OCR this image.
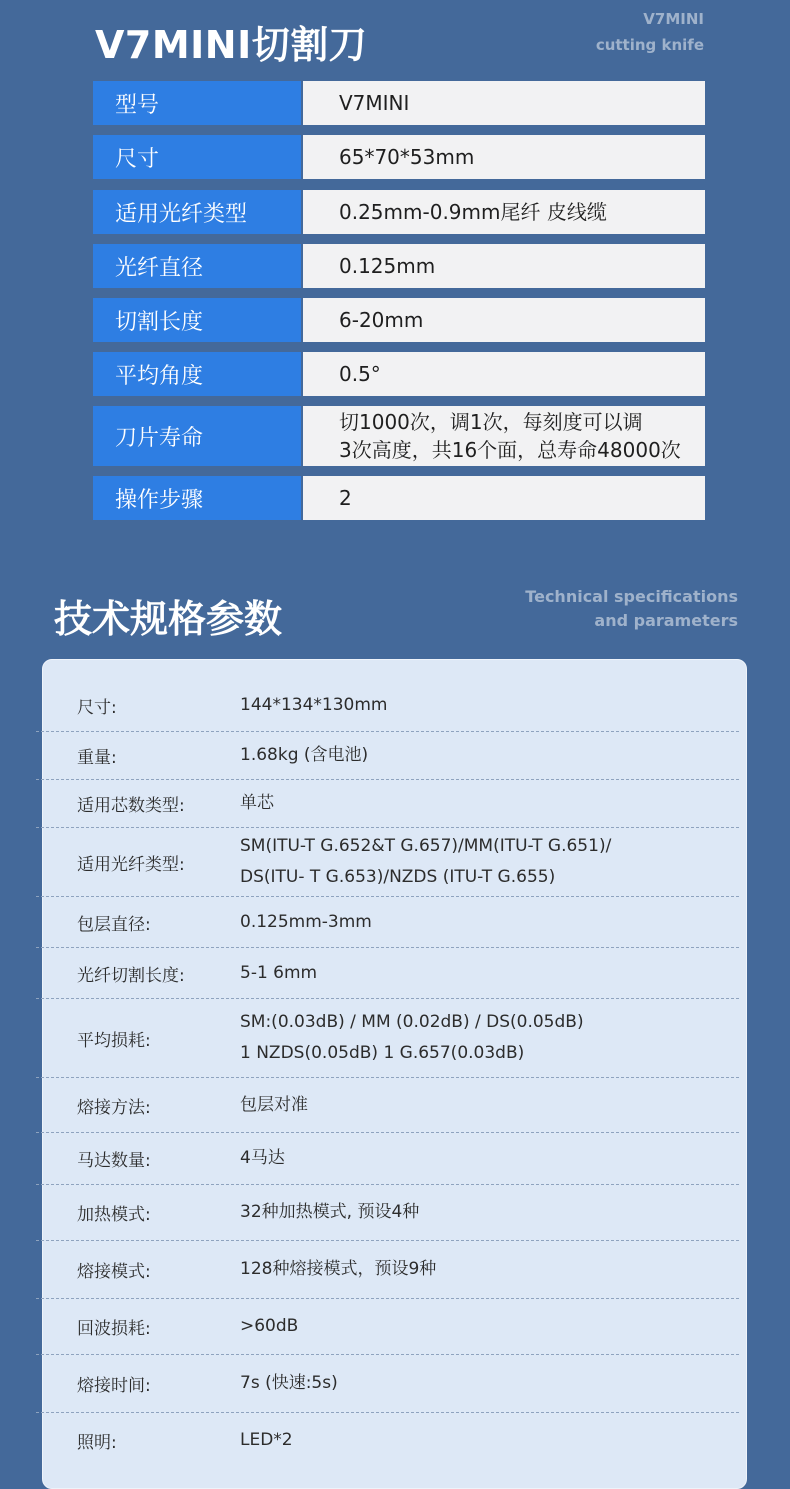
V7MINI切割刀
V7MINI
cutting knife
型号	V7MINI
尺寸	65*70*53mm
适用光纤类型	0.25mm-0.9mm尾纤 皮线缆
光纤直径	0.125mm
切割长度	6-20mm
平均角度	0.5°
刀片寿命
切1000次，调1次，每刻度可以调
3次高度，共16个面，总寿命48000次
操作步骤	2
技术规格参数
Technical specifications
and parameters
尺寸:	144*134*130mm
重量:	1.68kg (含电池)
适用芯数类型:	单芯
适用光纤类型:
SM(ITU-T G.652&T G.657)/MM(ITU-T G.651)/
DS(ITU- T G.653)/NZDS (ITU-T G.655)
包层直径:	0.125mm-3mm
光纤切割长度:	5-1 6mm
平均损耗:
SM:(0.03dB) / MM (0.02dB) / DS(0.05dB)
1 NZDS(0.05dB) 1 G.657(0.03dB)
熔接方法:	包层对准
马达数量:	4马达
加热模式:	32种加热模式, 预设4种
熔接模式:	128种熔接模式，预设9种
回波损耗:	>60dB
熔接时间:	7s (快速:5s)
照明:	LED*2
